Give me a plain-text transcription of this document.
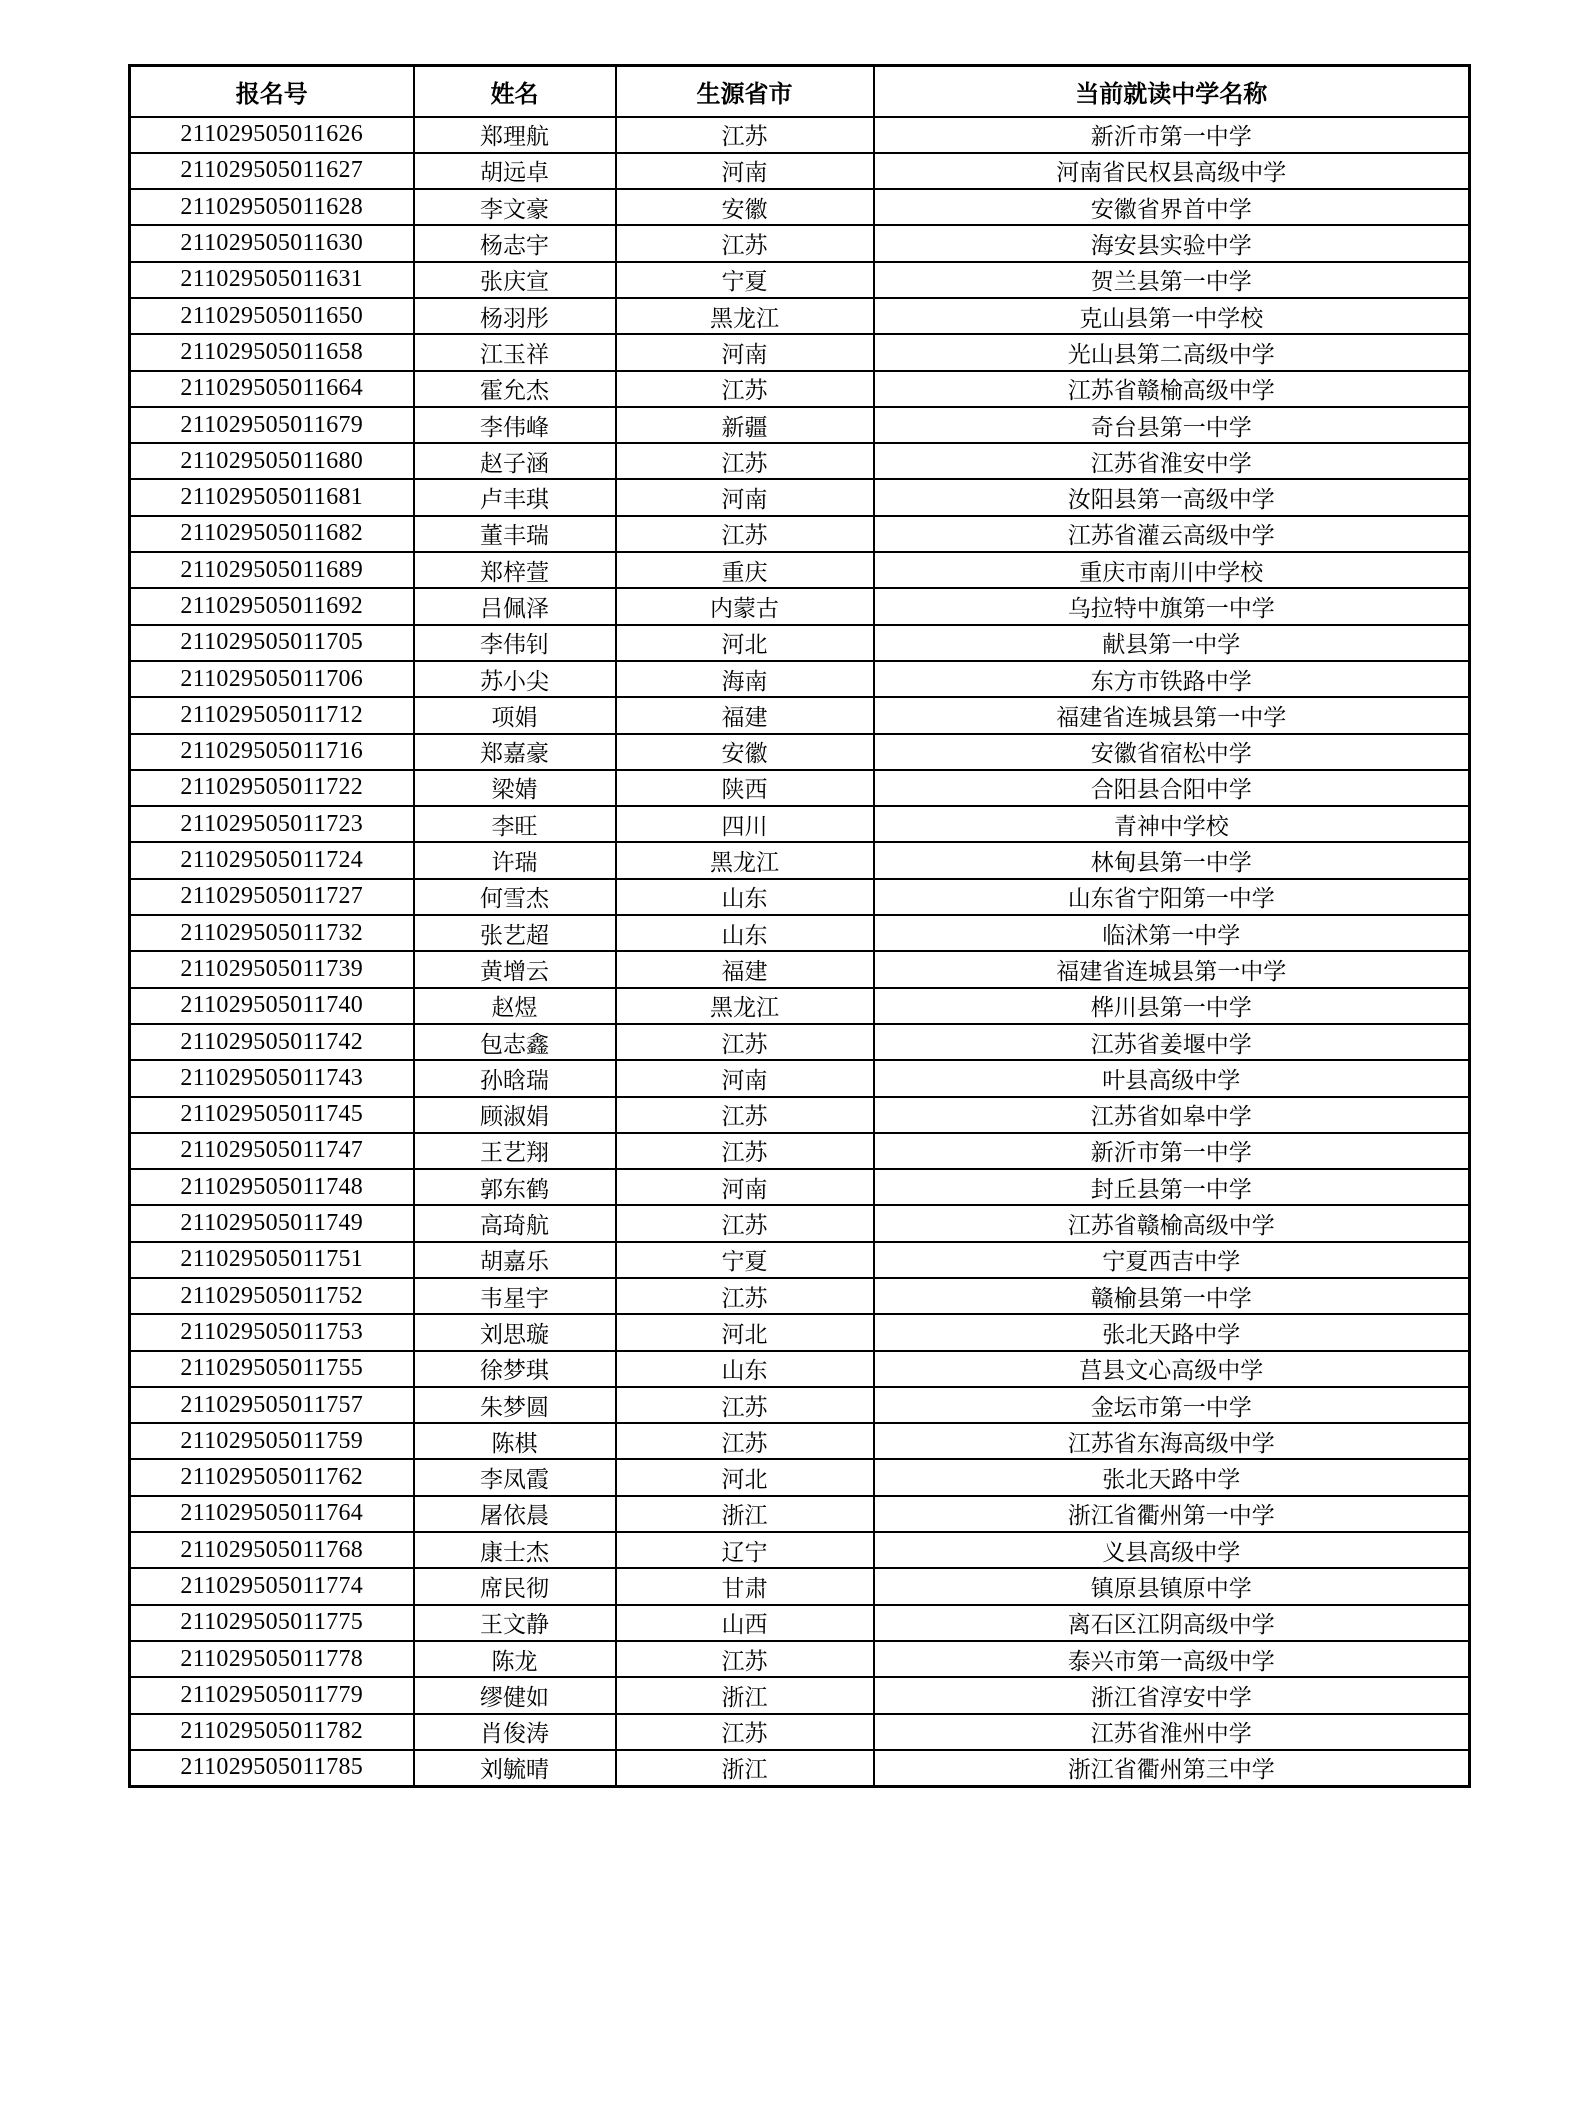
报名号	姓名	生源省市	当前就读中学名称
211029505011626	郑理航	江苏	新沂市第一中学
211029505011627	胡远卓	河南	河南省民权县高级中学
211029505011628	李文豪	安徽	安徽省界首中学
211029505011630	杨志宇	江苏	海安县实验中学
211029505011631	张庆宣	宁夏	贺兰县第一中学
211029505011650	杨羽彤	黑龙江	克山县第一中学校
211029505011658	江玉祥	河南	光山县第二高级中学
211029505011664	霍允杰	江苏	江苏省赣榆高级中学
211029505011679	李伟峰	新疆	奇台县第一中学
211029505011680	赵子涵	江苏	江苏省淮安中学
211029505011681	卢丰琪	河南	汝阳县第一高级中学
211029505011682	董丰瑞	江苏	江苏省灌云高级中学
211029505011689	郑梓萱	重庆	重庆市南川中学校
211029505011692	吕佩泽	内蒙古	乌拉特中旗第一中学
211029505011705	李伟钊	河北	献县第一中学
211029505011706	苏小尖	海南	东方市铁路中学
211029505011712	项娟	福建	福建省连城县第一中学
211029505011716	郑嘉豪	安徽	安徽省宿松中学
211029505011722	梁婧	陕西	合阳县合阳中学
211029505011723	李旺	四川	青神中学校
211029505011724	许瑞	黑龙江	林甸县第一中学
211029505011727	何雪杰	山东	山东省宁阳第一中学
211029505011732	张艺超	山东	临沭第一中学
211029505011739	黄增云	福建	福建省连城县第一中学
211029505011740	赵煜	黑龙江	桦川县第一中学
211029505011742	包志鑫	江苏	江苏省姜堰中学
211029505011743	孙晗瑞	河南	叶县高级中学
211029505011745	顾淑娟	江苏	江苏省如皋中学
211029505011747	王艺翔	江苏	新沂市第一中学
211029505011748	郭东鹤	河南	封丘县第一中学
211029505011749	高琦航	江苏	江苏省赣榆高级中学
211029505011751	胡嘉乐	宁夏	宁夏西吉中学
211029505011752	韦星宇	江苏	赣榆县第一中学
211029505011753	刘思璇	河北	张北天路中学
211029505011755	徐梦琪	山东	莒县文心高级中学
211029505011757	朱梦圆	江苏	金坛市第一中学
211029505011759	陈棋	江苏	江苏省东海高级中学
211029505011762	李凤霞	河北	张北天路中学
211029505011764	屠依晨	浙江	浙江省衢州第一中学
211029505011768	康士杰	辽宁	义县高级中学
211029505011774	席民彻	甘肃	镇原县镇原中学
211029505011775	王文静	山西	离石区江阴高级中学
211029505011778	陈龙	江苏	泰兴市第一高级中学
211029505011779	缪健如	浙江	浙江省淳安中学
211029505011782	肖俊涛	江苏	江苏省淮州中学
211029505011785	刘毓晴	浙江	浙江省衢州第三中学
